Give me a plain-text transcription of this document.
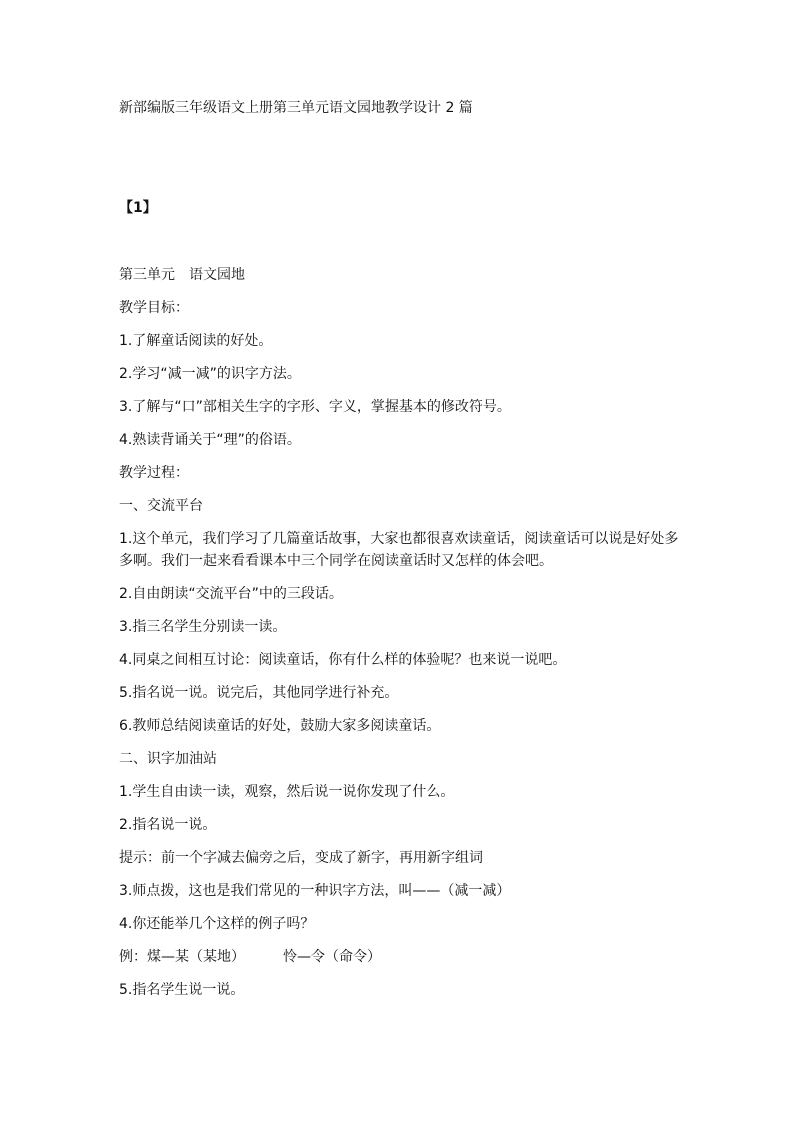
新部编版三年级语文上册第三单元语文园地教学设计 2 篇
【1】
第三单元 语文园地
教学目标：
1.了解童话阅读的好处。
2.学习“减一减”的识字方法。
3.了解与“口”部相关生字的字形、字义，掌握基本的修改符号。
4.熟读背诵关于“理”的俗语。
教学过程：
一、交流平台
1.这个单元，我们学习了几篇童话故事，大家也都很喜欢读童话，阅读童话可以说是好处多
多啊。我们一起来看看课本中三个同学在阅读童话时又怎样的体会吧。
2.自由朗读“交流平台”中的三段话。
3.指三名学生分别读一读。
4.同桌之间相互讨论：阅读童话，你有什么样的体验呢？也来说一说吧。
5.指名说一说。说完后，其他同学进行补充。
6.教师总结阅读童话的好处，鼓励大家多阅读童话。
二、识字加油站
1.学生自由读一读，观察，然后说一说你发现了什么。
2.指名说一说。
提示：前一个字减去偏旁之后，变成了新字，再用新字组词
3.师点拨，这也是我们常见的一种识字方法，叫——（减一减）
4.你还能举几个这样的例子吗？
例：煤—某（某地）	怜—令（命令）
5.指名学生说一说。
